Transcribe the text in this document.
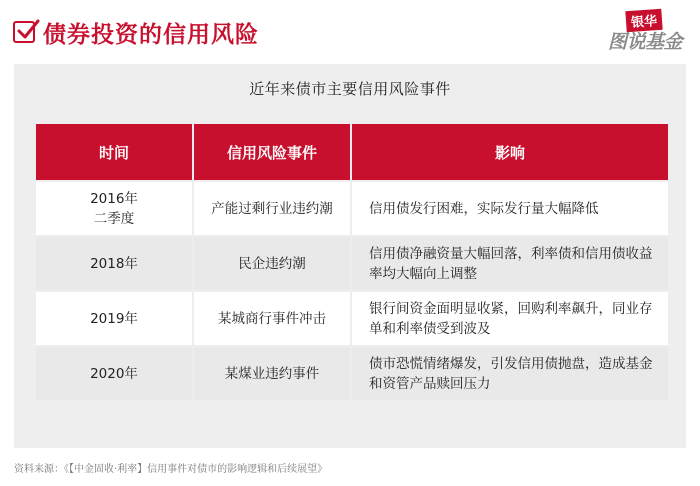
债券投资的信用风险	银华
图说基金
近年来债市主要信用风险事件
时间	信用风险事件	影响
2016年
二季度	产能过剩行业违约潮	信用债发行困难，实际发行量大幅降低
2018年	民企违约潮	信用债净融资量大幅回落，利率债和信用债收益率均大幅向上调整
2019年	某城商行事件冲击	银行间资金面明显收紧，回购利率飙升，同业存单和利率债受到波及
2020年	某煤业违约事件	债市恐慌情绪爆发，引发信用债抛盘，造成基金和资管产品赎回压力
资料来源：《【中金固收·利率】信用事件对债市的影响逻辑和后续展望》
